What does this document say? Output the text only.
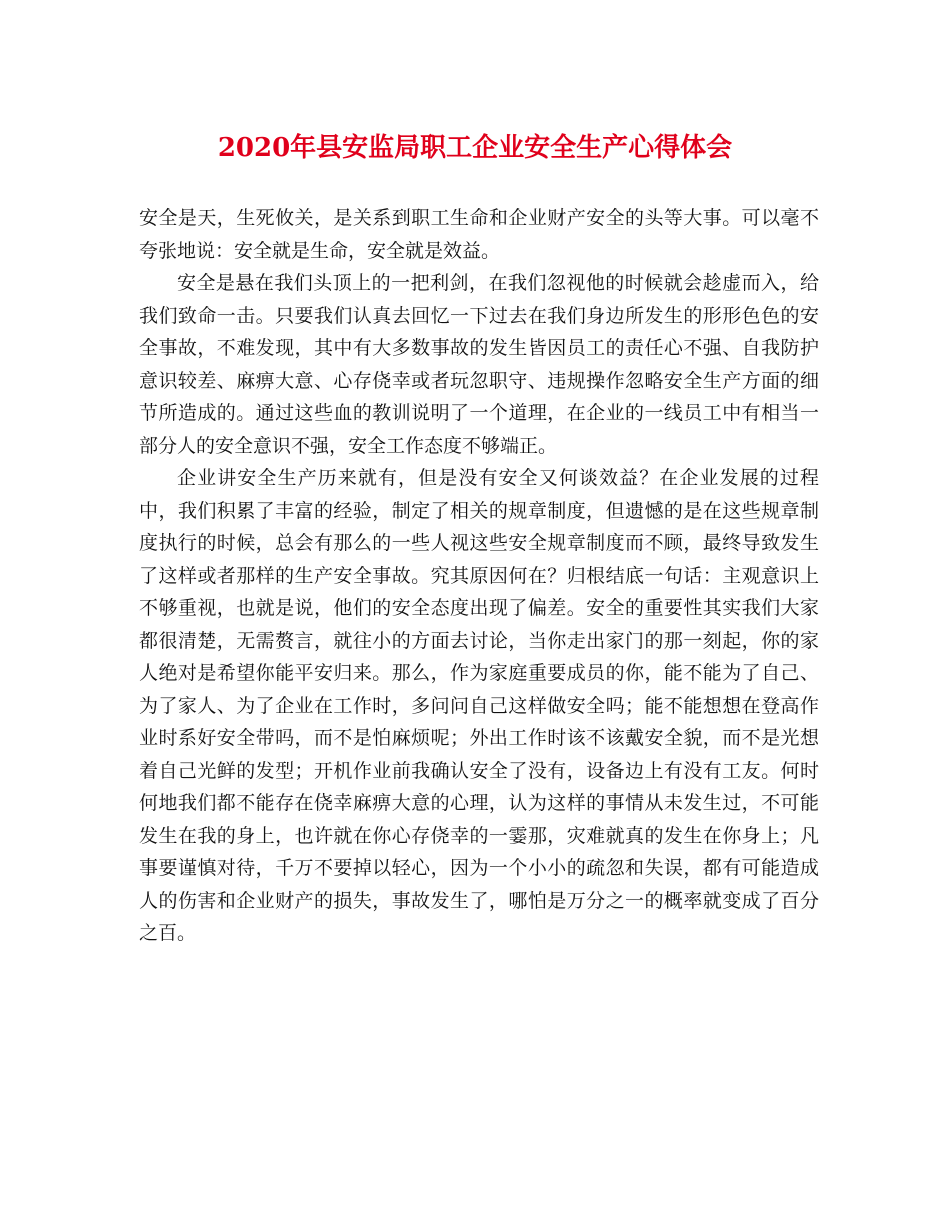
2020年县安监局职工企业安全生产心得体会

安全是天，生死攸关，是关系到职工生命和企业财产安全的头等大事。可以毫不夸张地说：安全就是生命，安全就是效益。

安全是悬在我们头顶上的一把利剑，在我们忽视他的时候就会趁虚而入，给我们致命一击。只要我们认真去回忆一下过去在我们身边所发生的形形色色的安全事故，不难发现，其中有大多数事故的发生皆因员工的责任心不强、自我防护意识较差、麻痹大意、心存侥幸或者玩忽职守、违规操作忽略安全生产方面的细节所造成的。通过这些血的教训说明了一个道理，在企业的一线员工中有相当一部分人的安全意识不强，安全工作态度不够端正。

企业讲安全生产历来就有，但是没有安全又何谈效益？在企业发展的过程中，我们积累了丰富的经验，制定了相关的规章制度，但遗憾的是在这些规章制度执行的时候，总会有那么的一些人视这些安全规章制度而不顾，最终导致发生了这样或者那样的生产安全事故。究其原因何在？归根结底一句话：主观意识上不够重视，也就是说，他们的安全态度出现了偏差。安全的重要性其实我们大家都很清楚，无需赘言，就往小的方面去讨论，当你走出家门的那一刻起，你的家人绝对是希望你能平安归来。那么，作为家庭重要成员的你，能不能为了自己、为了家人、为了企业在工作时，多问问自己这样做安全吗；能不能想想在登高作业时系好安全带吗，而不是怕麻烦呢；外出工作时该不该戴安全貌，而不是光想着自己光鲜的发型；开机作业前我确认安全了没有，设备边上有没有工友。何时何地我们都不能存在侥幸麻痹大意的心理，认为这样的事情从未发生过，不可能发生在我的身上，也许就在你心存侥幸的一霎那，灾难就真的发生在你身上；凡事要谨慎对待，千万不要掉以轻心，因为一个小小的疏忽和失误，都有可能造成人的伤害和企业财产的损失，事故发生了，哪怕是万分之一的概率就变成了百分之百。
